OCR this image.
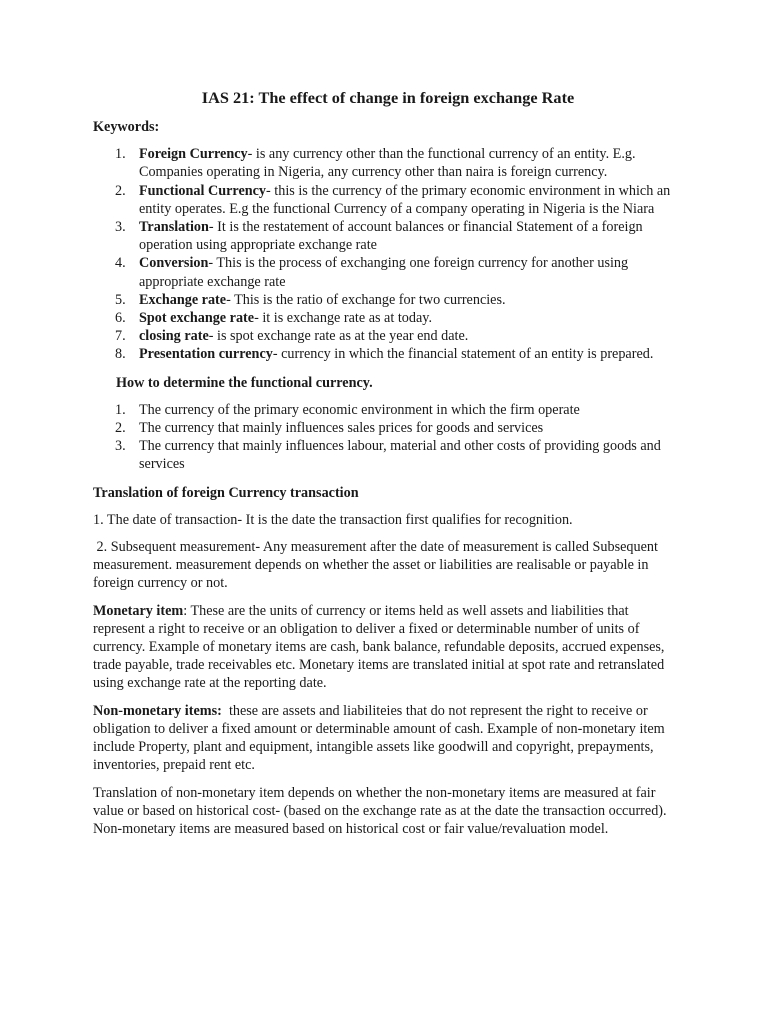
IAS 21: The effect of change in foreign exchange Rate
Keywords:
1. Foreign Currency- is any currency other than the functional currency of an entity. E.g. Companies operating in Nigeria, any currency other than naira is foreign currency.
2. Functional Currency- this is the currency of the primary economic environment in which an entity operates. E.g the functional Currency of a company operating in Nigeria is the Niara
3. Translation- It is the restatement of account balances or financial Statement of a foreign operation using appropriate exchange rate
4. Conversion- This is the process of exchanging one foreign currency for another using appropriate exchange rate
5. Exchange rate- This is the ratio of exchange for two currencies.
6. Spot exchange rate- it is exchange rate as at today.
7. closing rate- is spot exchange rate as at the year end date.
8. Presentation currency- currency in which the financial statement of an entity is prepared.
How to determine the functional currency.
1. The currency of the primary economic environment in which the firm operate
2. The currency that mainly influences sales prices for goods and services
3. The currency that mainly influences labour, material and other costs of providing goods and services
Translation of foreign Currency transaction

1. The date of transaction- It is the date the transaction first qualifies for recognition.

2. Subsequent measurement- Any measurement after the date of measurement is called Subsequent measurement. measurement depends on whether the asset or liabilities are realisable or payable in foreign currency or not.

Monetary item: These are the units of currency or items held as well assets and liabilities that represent a right to receive or an obligation to deliver a fixed or determinable number of units of currency. Example of monetary items are cash, bank balance, refundable deposits, accrued expenses, trade payable, trade receivables etc. Monetary items are translated initial at spot rate and retranslated using exchange rate at the reporting date.

Non-monetary items:  these are assets and liabiliteies that do not represent the right to receive or obligation to deliver a fixed amount or determinable amount of cash. Example of non-monetary item include Property, plant and equipment, intangible assets like goodwill and copyright, prepayments, inventories, prepaid rent etc.

Translation of non-monetary item depends on whether the non-monetary items are measured at fair value or based on historical cost- (based on the exchange rate as at the date the transaction occurred). Non-monetary items are measured based on historical cost or fair value/revaluation model.
